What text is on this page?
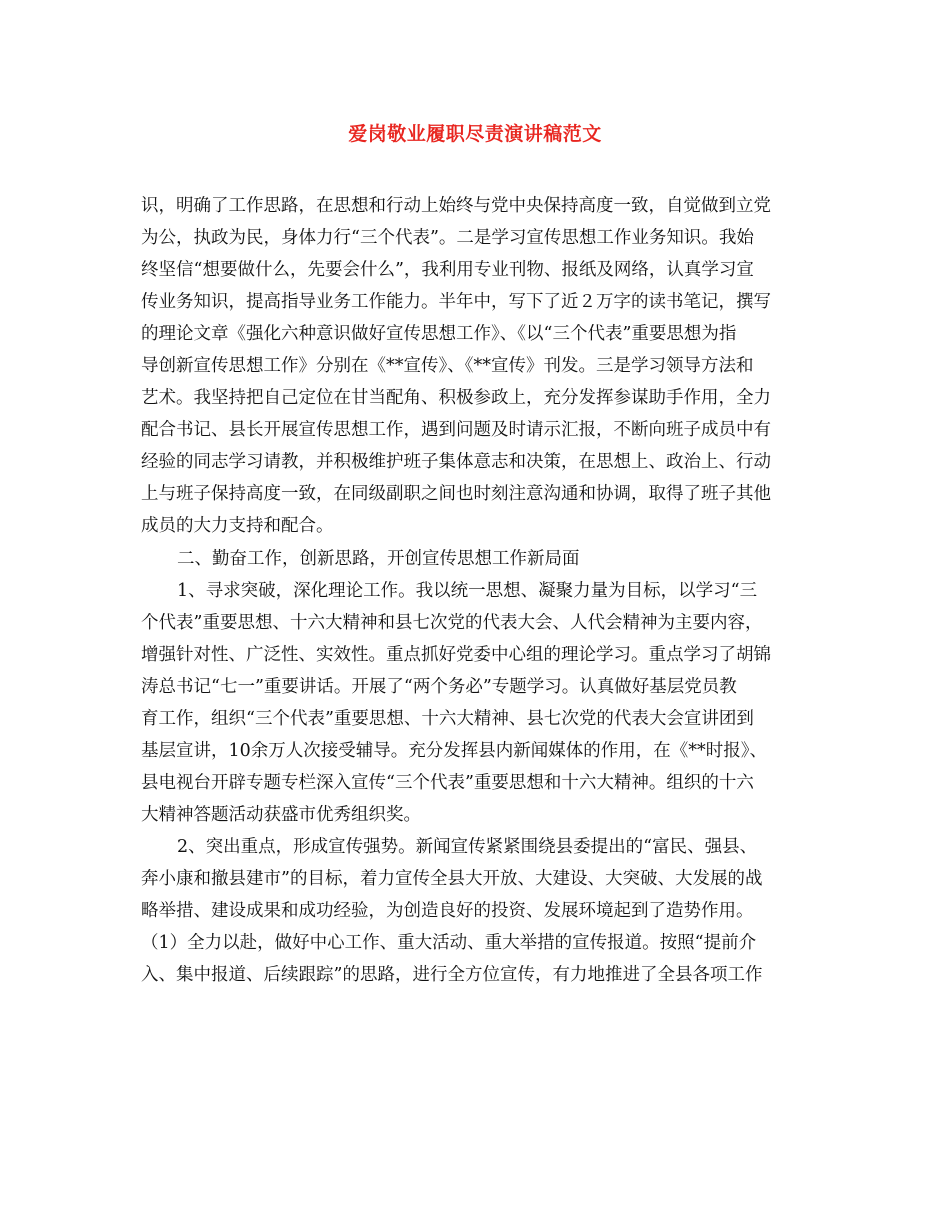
爱岗敬业履职尽责演讲稿范文
识，明确了工作思路，在思想和行动上始终与党中央保持高度一致，自觉做到立党
为公，执政为民，身体力行“三个代表”。二是学习宣传思想工作业务知识。我始
终坚信“想要做什么，先要会什么”，我利用专业刊物、报纸及网络，认真学习宣
传业务知识，提高指导业务工作能力。半年中，写下了近２万字的读书笔记，撰写
的理论文章《强化六种意识做好宣传思想工作》、《以“三个代表”重要思想为指
导创新宣传思想工作》分别在《**宣传》、《**宣传》刊发。三是学习领导方法和
艺术。我坚持把自己定位在甘当配角、积极参政上，充分发挥参谋助手作用，全力
配合书记、县长开展宣传思想工作，遇到问题及时请示汇报，不断向班子成员中有
经验的同志学习请教，并积极维护班子集体意志和决策，在思想上、政治上、行动
上与班子保持高度一致，在同级副职之间也时刻注意沟通和协调，取得了班子其他
成员的大力支持和配合。
二、勤奋工作，创新思路，开创宣传思想工作新局面
1、寻求突破，深化理论工作。我以统一思想、凝聚力量为目标，以学习“三
个代表”重要思想、十六大精神和县七次党的代表大会、人代会精神为主要内容，
增强针对性、广泛性、实效性。重点抓好党委中心组的理论学习。重点学习了胡锦
涛总书记“七一”重要讲话。开展了“两个务必”专题学习。认真做好基层党员教
育工作，组织“三个代表”重要思想、十六大精神、县七次党的代表大会宣讲团到
基层宣讲，10余万人次接受辅导。充分发挥县内新闻媒体的作用，在《**时报》、
县电视台开辟专题专栏深入宣传“三个代表”重要思想和十六大精神。组织的十六
大精神答题活动获盛市优秀组织奖。
2、突出重点，形成宣传强势。新闻宣传紧紧围绕县委提出的“富民、强县、
奔小康和撤县建市”的目标，着力宣传全县大开放、大建设、大突破、大发展的战
略举措、建设成果和成功经验，为创造良好的投资、发展环境起到了造势作用。
（1）全力以赴，做好中心工作、重大活动、重大举措的宣传报道。按照“提前介
入、集中报道、后续跟踪”的思路，进行全方位宣传，有力地推进了全县各项工作
